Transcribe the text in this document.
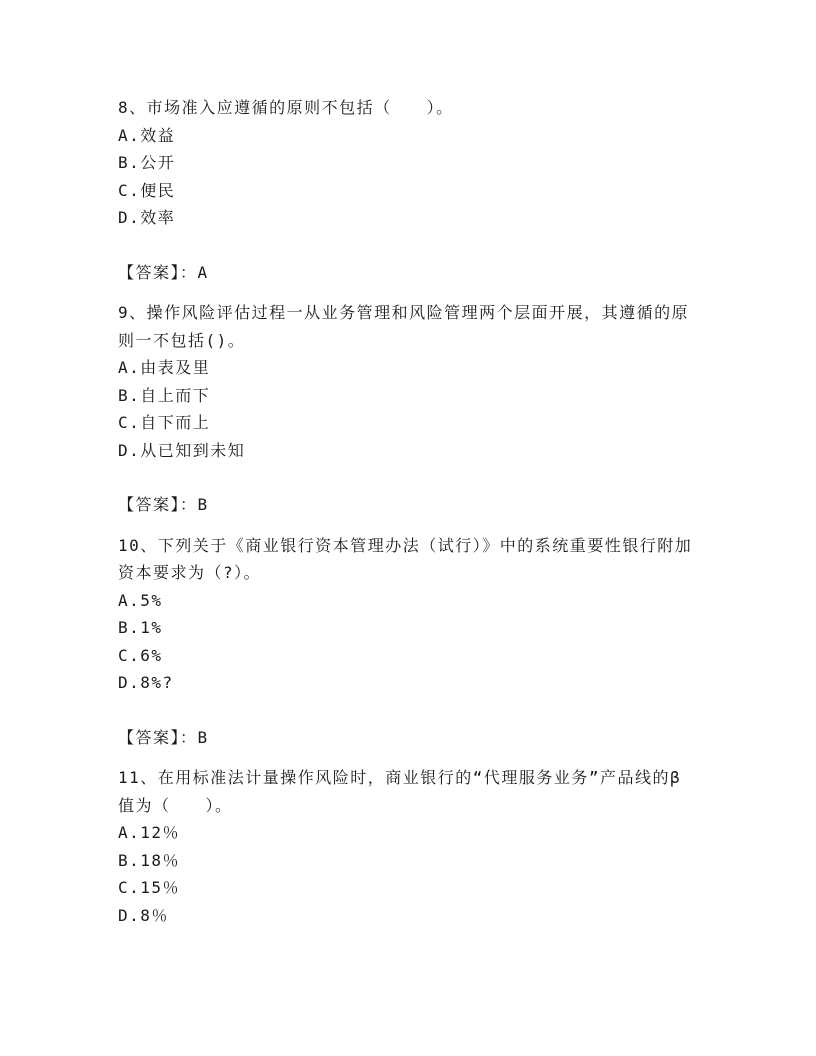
8、市场准入应遵循的原则不包括（　　）。

A.效益

B.公开

C.便民

D.效率

【答案】：A

9、操作风险评估过程一从业务管理和风险管理两个层面开展，其遵循的原则一不包括()。

A.由表及里

B.自上而下

C.自下而上

D.从已知到未知

【答案】：B

10、下列关于《商业银行资本管理办法（试行）》中的系统重要性银行附加资本要求为（?）。

A.5%

B.1%

C.6%

D.8%?

【答案】：B

11、在用标准法计量操作风险时，商业银行的“代理服务业务”产品线的β值为（　　）。

A.12％

B.18％

C.15％

D.8％
